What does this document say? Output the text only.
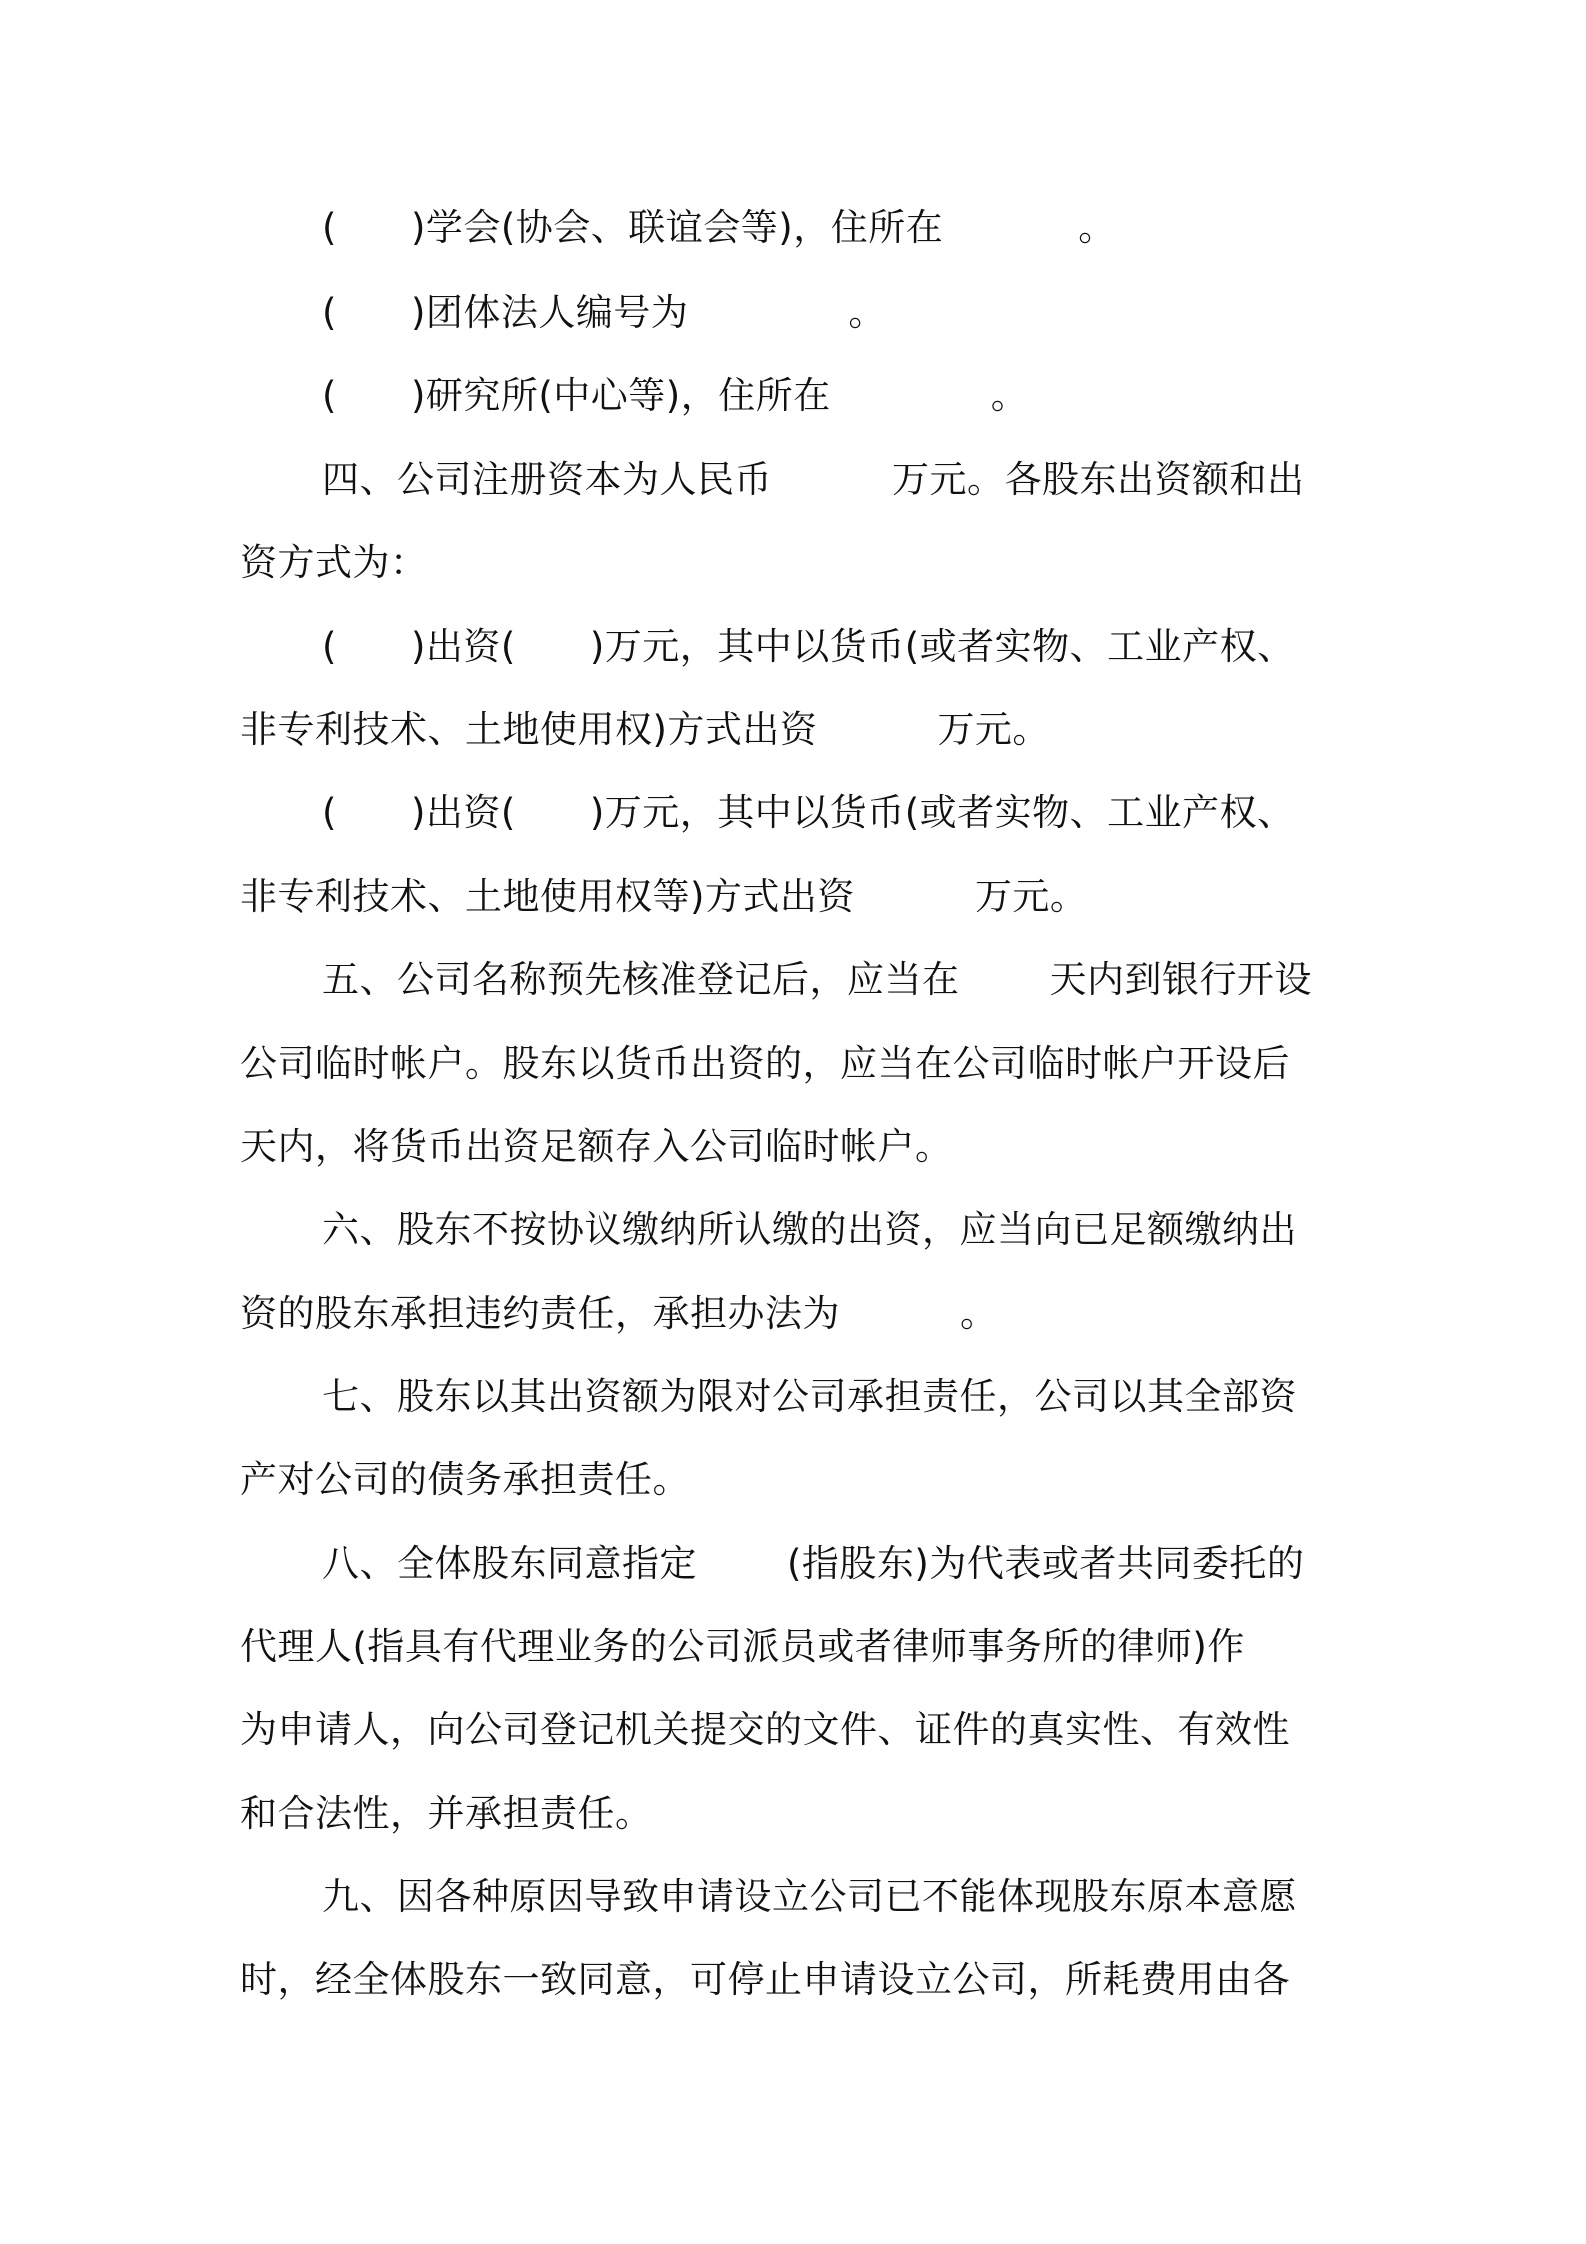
( )学会(协会、联谊会等)，住所在	。
( )团体法人编号为	。
( )研究所(中心等)，住所在	。
四、公司注册资本为人民币	万元。各股东出资额和出
资方式为：
( )出资( )万元，其中以货币(或者实物、工业产权、
非专利技术、土地使用权)方式出资	万元。
( )出资( )万元，其中以货币(或者实物、工业产权、
非专利技术、土地使用权等)方式出资	万元。
五、公司名称预先核准登记后，应当在 天内到银行开设
公司临时帐户。股东以货币出资的，应当在公司临时帐户开设后
天内，将货币出资足额存入公司临时帐户。
六、股东不按协议缴纳所认缴的出资，应当向已足额缴纳出
资的股东承担违约责任，承担办法为	。
七、股东以其出资额为限对公司承担责任，公司以其全部资
产对公司的债务承担责任。
八、全体股东同意指定 (指股东)为代表或者共同委托的
代理人(指具有代理业务的公司派员或者律师事务所的律师)作
为申请人，向公司登记机关提交的文件、证件的真实性、有效性
和合法性，并承担责任。
九、因各种原因导致申请设立公司已不能体现股东原本意愿
时，经全体股东一致同意，可停止申请设立公司，所耗费用由各
